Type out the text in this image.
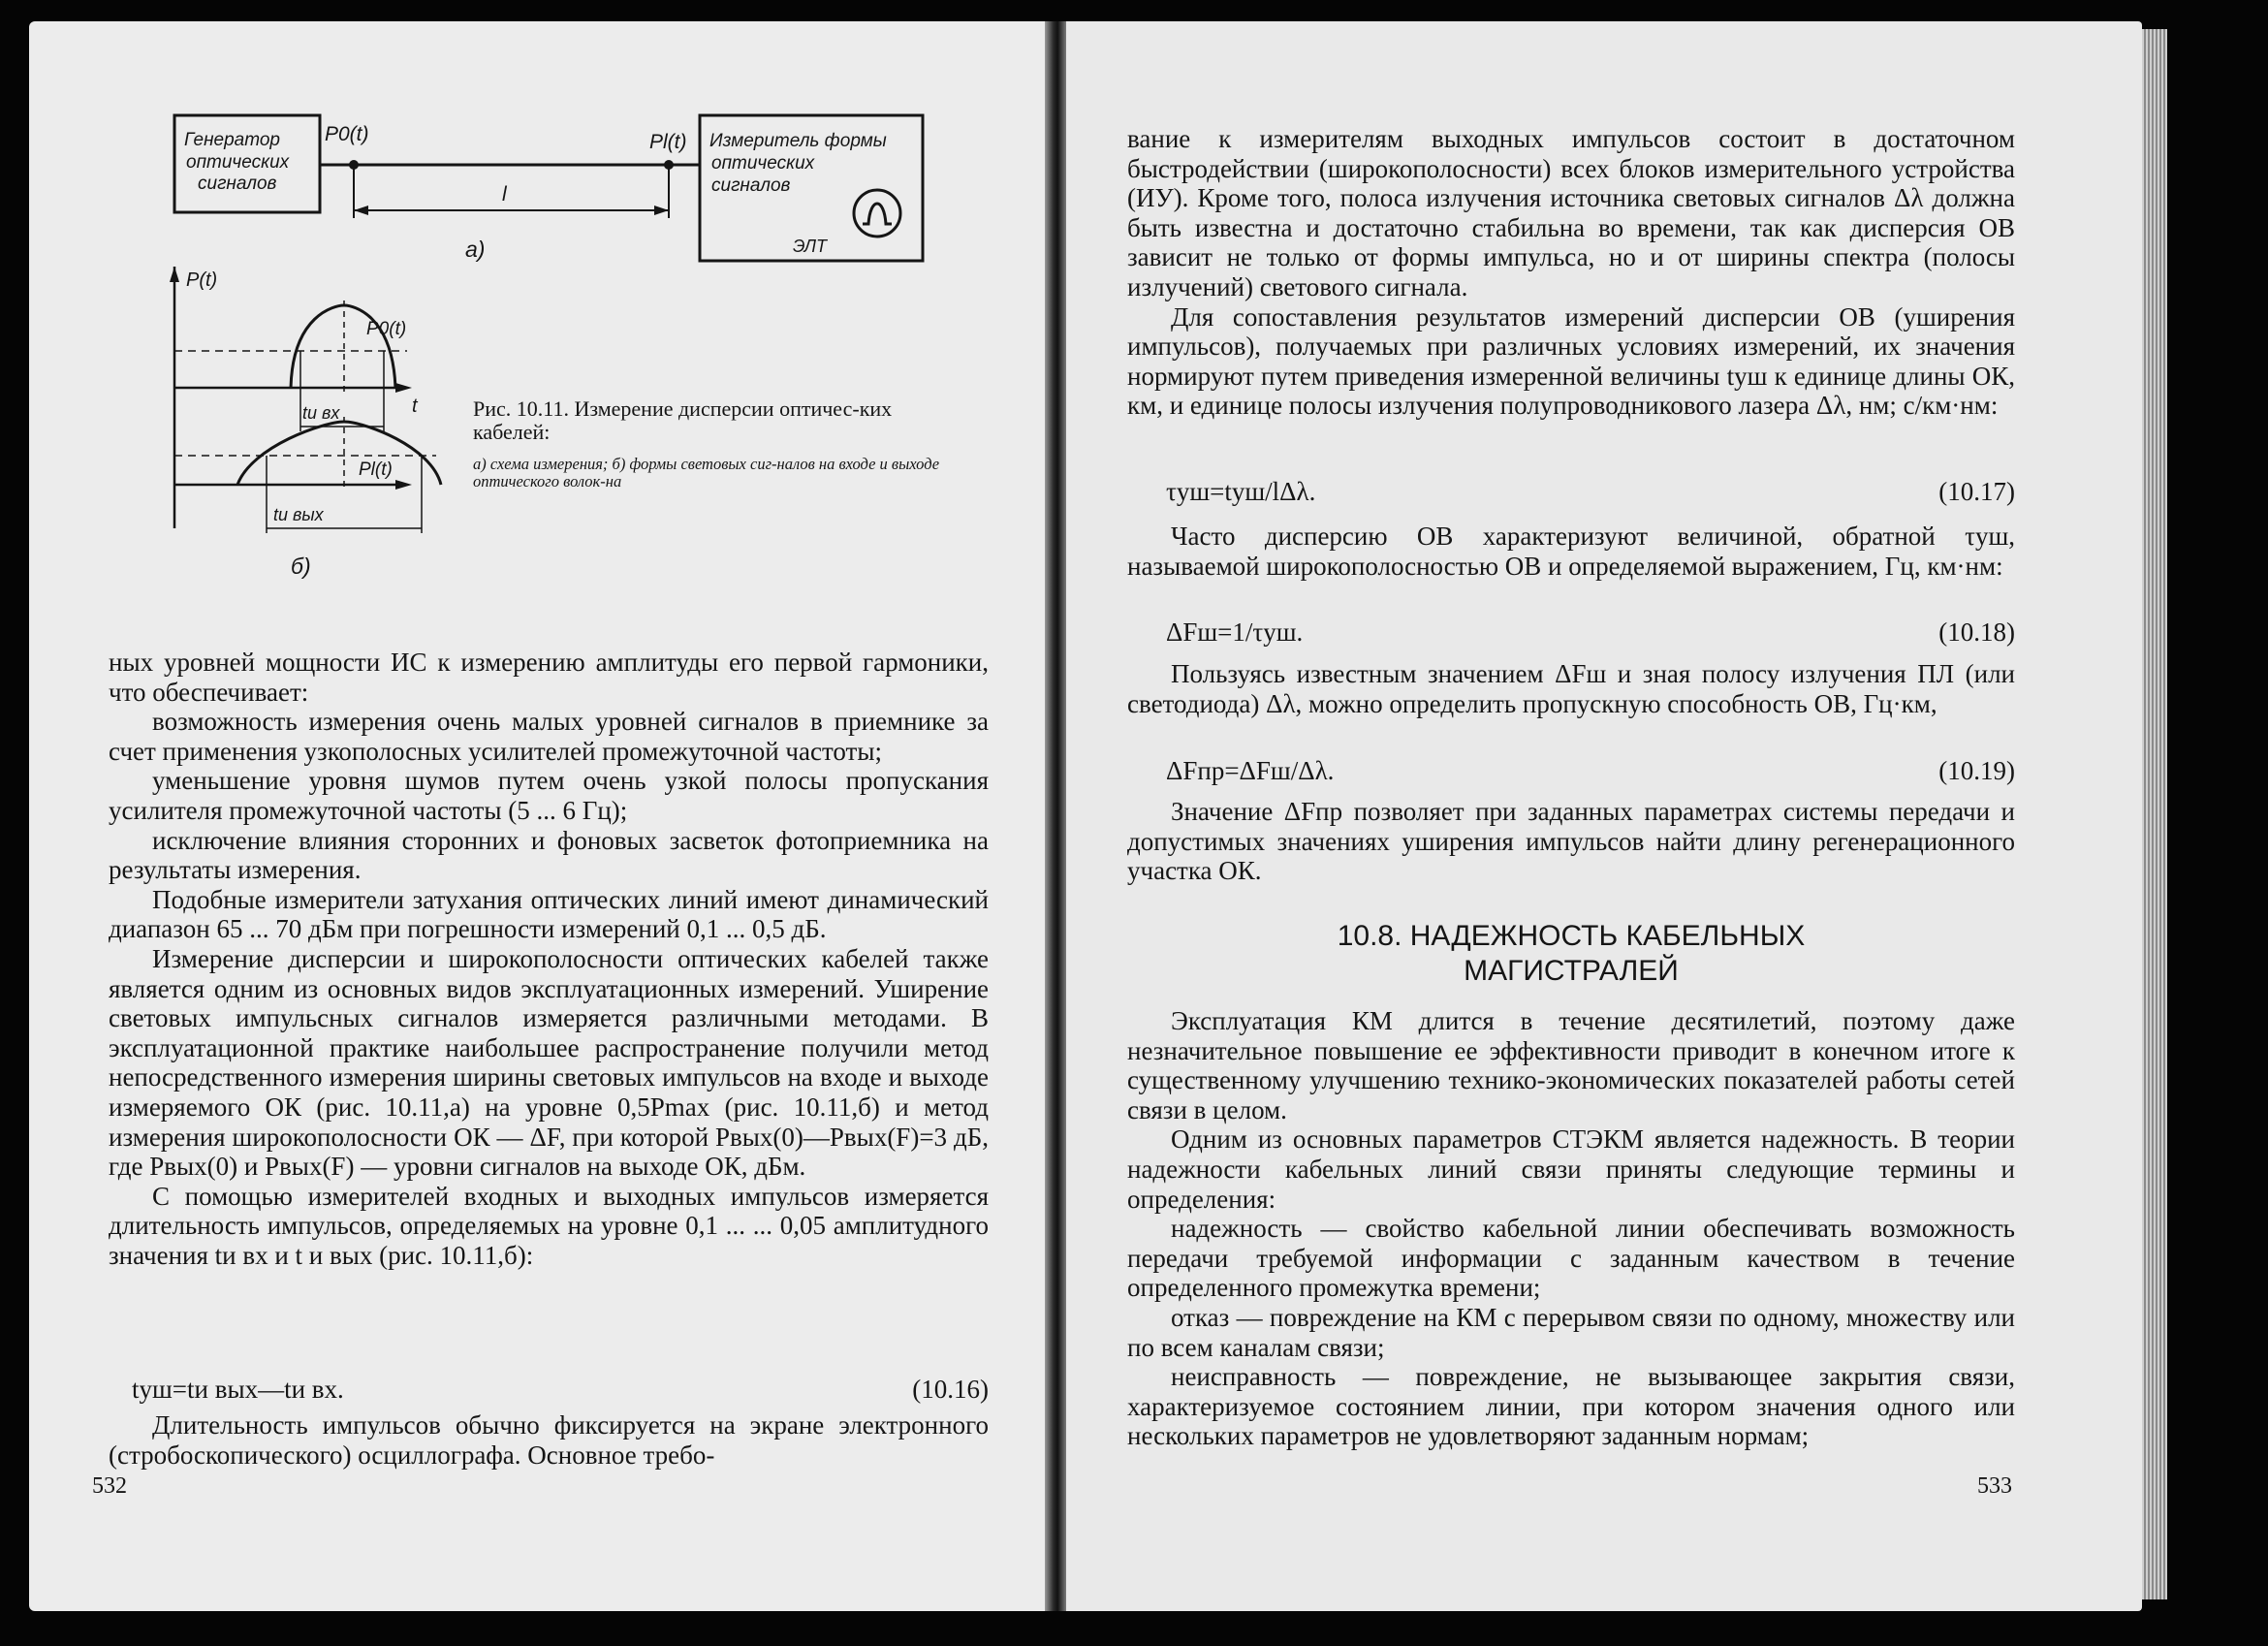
Генератор
оптических
сигналов
P0(t)	Pl(t)
l
а)
Измеритель формы
оптических
сигналов
ЭЛТ
P(t)
t
P0(t)
tи вх
Pl(t)
tи вых
б)
Рис. 10.11. Измерение дисперсии оптичес-ких кабелей:
а) схема измерения; б) формы световых сиг-налов на входе и выходе оптического волок-на

ных уровней мощности ИС к измерению амплитуды его первой гармоники, что обеспечивает:

возможность измерения очень малых уровней сигналов в приемнике за счет применения узкополосных усилителей промежуточной частоты;

уменьшение уровня шумов путем очень узкой полосы пропускания усилителя промежуточной частоты (5 ... 6 Гц);

исключение влияния сторонних и фоновых засветок фотоприемника на результаты измерения.

Подобные измерители затухания оптических линий имеют динамический диапазон 65 ... 70 дБм при погрешности измерений 0,1 ... 0,5 дБ.

Измерение дисперсии и широкополосности оптических кабелей также является одним из основных видов эксплуатационных измерений. Уширение световых импульсных сигналов измеряется различными методами. В эксплуатационной практике наибольшее распространение получили метод непосредственного измерения ширины световых импульсов на входе и выходе измеряемого ОК (рис. 10.11,а) на уровне 0,5Pmax (рис. 10.11,б) и метод измерения широкополосности ОК — ΔF, при которой Pвых(0)—Pвых(F)=3 дБ, где Pвых(0) и Pвых(F) — уровни сигналов на выходе ОК, дБм.

С помощью измерителей входных и выходных импульсов измеряется длительность импульсов, определяемых на уровне 0,1 ... ... 0,05 амплитудного значения tи вх и t и вых (рис. 10.11,б):

tуш=tи вых—tи вх.	(10.16)

Длительность импульсов обычно фиксируется на экране электронного (стробоскопического) осциллографа. Основное требо-

532

вание к измерителям выходных импульсов состоит в достаточном быстродействии (широкополосности) всех блоков измерительного устройства (ИУ). Кроме того, полоса излучения источника световых сигналов Δλ должна быть известна и достаточно стабильна во времени, так как дисперсия ОВ зависит не только от формы импульса, но и от ширины спектра (полосы излучений) светового сигнала.

Для сопоставления результатов измерений дисперсии ОВ (уширения импульсов), получаемых при различных условиях измерений, их значения нормируют путем приведения измеренной величины tуш к единице длины ОК, км, и единице полосы излучения полупроводникового лазера Δλ, нм; с/км·нм:

τуш=tуш/lΔλ.	(10.17)

Часто дисперсию ОВ характеризуют величиной, обратной τуш, называемой широкополосностью ОВ и определяемой выражением, Гц, км·нм:

ΔFш=1/τуш.	(10.18)

Пользуясь известным значением ΔFш и зная полосу излучения ПЛ (или светодиода) Δλ, можно определить пропускную способность ОВ, Гц·км,

ΔFпр=ΔFш/Δλ.	(10.19)

Значение ΔFпр позволяет при заданных параметрах системы передачи и допустимых значениях уширения импульсов найти длину регенерационного участка ОК.

10.8. НАДЕЖНОСТЬ КАБЕЛЬНЫХ
МАГИСТРАЛЕЙ

Эксплуатация КМ длится в течение десятилетий, поэтому даже незначительное повышение ее эффективности приводит в конечном итоге к существенному улучшению технико-экономических показателей работы сетей связи в целом.

Одним из основных параметров СТЭКМ является надежность. В теории надежности кабельных линий связи приняты следующие термины и определения:

надежность — свойство кабельной линии обеспечивать возможность передачи требуемой информации с заданным качеством в течение определенного промежутка времени;

отказ — повреждение на КМ с перерывом связи по одному, множеству или по всем каналам связи;

неисправность — повреждение, не вызывающее закрытия связи, характеризуемое состоянием линии, при котором значения одного или нескольких параметров не удовлетворяют заданным нормам;

533
